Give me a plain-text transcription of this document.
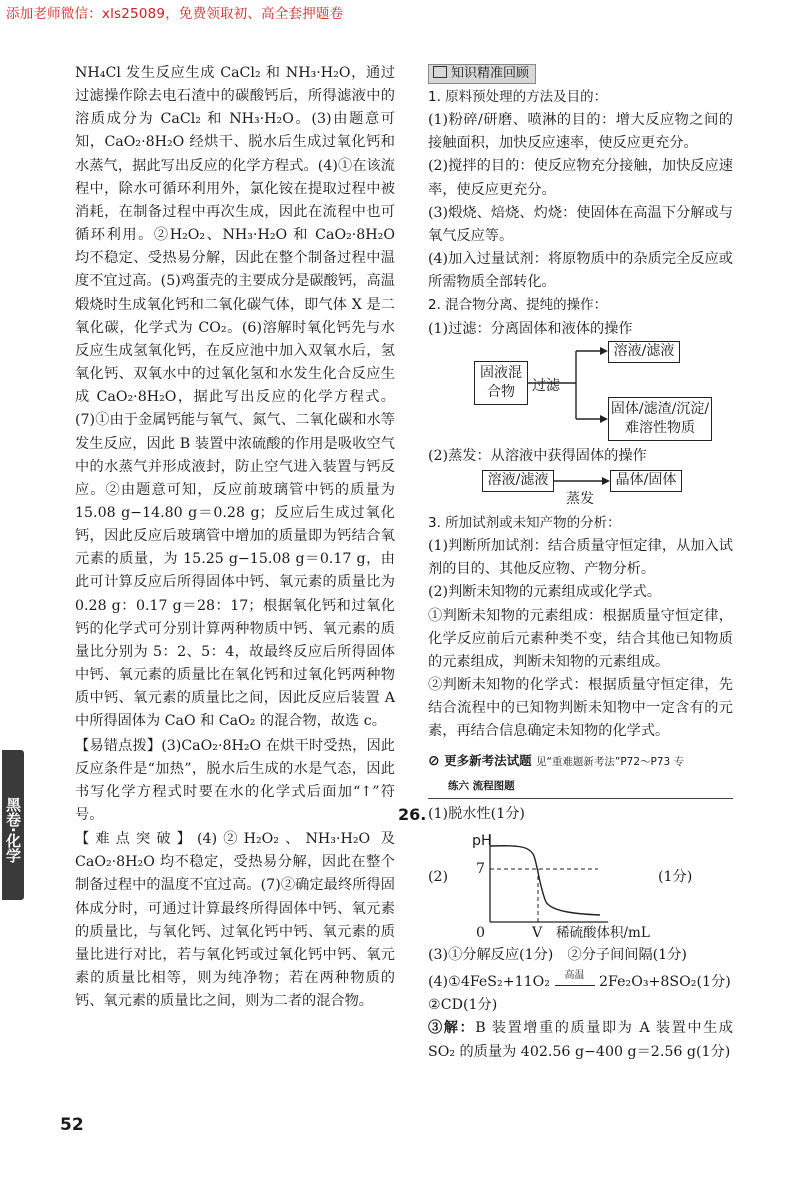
添加老师微信：xls25089，免费领取初、高全套押题卷

NH₄Cl 发生反应生成 CaCl₂ 和 NH₃·H₂O，通过过滤操作除去电石渣中的碳酸钙后，所得滤液中的溶质成分为 CaCl₂ 和 NH₃·H₂O。(3)由题意可知，CaO₂·8H₂O 经烘干、脱水后生成过氧化钙和水蒸气，据此写出反应的化学方程式。(4)①在该流程中，除水可循环利用外，氯化铵在提取过程中被消耗，在制备过程中再次生成，因此在流程中也可循环利用。②H₂O₂、NH₃·H₂O 和 CaO₂·8H₂O 均不稳定、受热易分解，因此在整个制备过程中温度不宜过高。(5)鸡蛋壳的主要成分是碳酸钙，高温煅烧时生成氧化钙和二氧化碳气体，即气体 X 是二氧化碳，化学式为 CO₂。(6)溶解时氧化钙先与水反应生成氢氧化钙，在反应池中加入双氧水后，氢氧化钙、双氧水中的过氧化氢和水发生化合反应生成 CaO₂·8H₂O，据此写出反应的化学方程式。(7)①由于金属钙能与氧气、氮气、二氧化碳和水等发生反应，因此 B 装置中浓硫酸的作用是吸收空气中的水蒸气并形成液封，防止空气进入装置与钙反应。②由题意可知，反应前玻璃管中钙的质量为 15.08 g−14.80 g＝0.28 g；反应后生成过氧化钙，因此反应后玻璃管中增加的质量即为钙结合氧元素的质量，为 15.25 g−15.08 g＝0.17 g，由此可计算反应后所得固体中钙、氧元素的质量比为 0.28 g：0.17 g＝28：17；根据氧化钙和过氧化钙的化学式可分别计算两种物质中钙、氧元素的质量比分别为 5：2、5：4，故最终反应后所得固体中钙、氧元素的质量比在氧化钙和过氧化钙两种物质中钙、氧元素的质量比之间，因此反应后装置 A 中所得固体为 CaO 和 CaO₂ 的混合物，故选 c。

【易错点拨】(3)CaO₂·8H₂O 在烘干时受热，因此反应条件是“加热”，脱水后生成的水是气态，因此书写化学方程式时要在水的化学式后面加“↑”符号。

【难点突破】(4)②H₂O₂、NH₃·H₂O 及 CaO₂·8H₂O 均不稳定，受热易分解，因此在整个制备过程中的温度不宜过高。(7)②确定最终所得固体成分时，可通过计算最终所得固体中钙、氧元素的质量比，与氧化钙、过氧化钙中钙、氧元素的质量比进行对比，若与氧化钙或过氧化钙中钙、氧元素的质量比相等，则为纯净物；若在两种物质的钙、氧元素的质量比之间，则为二者的混合物。

知识精准回顾

1. 原料预处理的方法及目的：

(1)粉碎/研磨、喷淋的目的：增大反应物之间的接触面积，加快反应速率，使反应更充分。

(2)搅拌的目的：使反应物充分接触，加快反应速率，使反应更充分。

(3)煅烧、焙烧、灼烧：使固体在高温下分解或与氧气反应等。

(4)加入过量试剂：将原物质中的杂质完全反应或所需物质全部转化。

2. 混合物分离、提纯的操作：

(1)过滤：分离固体和液体的操作

固液混合物	过滤
溶液/滤液
固体/滤渣/沉淀/难溶性物质

(2)蒸发：从溶液中获得固体的操作

溶液/滤液
蒸发
晶体/固体

3. 所加试剂或未知产物的分析：

(1)判断所加试剂：结合质量守恒定律，从加入试剂的目的、其他反应物、产物分析。

(2)判断未知物的元素组成或化学式。

①判断未知物的元素组成：根据质量守恒定律，化学反应前后元素种类不变，结合其他已知物质的元素组成，判断未知物的元素组成。

②判断未知物的化学式：根据质量守恒定律，先结合流程中的已知物判断未知物中一定含有的元素，再结合信息确定未知物的化学式。

⊘ 更多新考法试题 见“重难题新考法”P72～P73 专
练六 流程图题
26. (1)脱水性(1分)

(2)
pH
7
0	V 稀硫酸体积/mL
(1分)

(3)①分解反应(1分)　②分子间间隔(1分)

(4)①4FeS₂+11O₂	高温	2Fe₂O₃+8SO₂(1分)

②CD(1分)

③解：B 装置增重的质量即为 A 装置中生成 SO₂ 的质量为 402.56 g−400 g＝2.56 g(1分)

黑卷·化学
52
